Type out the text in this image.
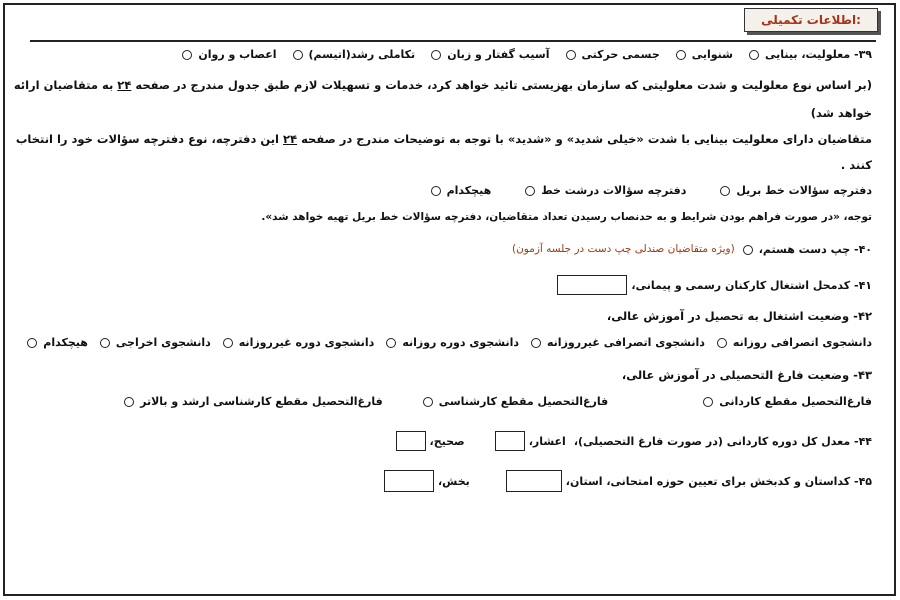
اطلاعات تکمیلی:
۳۹- معلولیت، بینایی
شنوایی
جسمی حرکتی
آسیب گفتار و زبان
تکاملی رشد(اتیسم)
اعصاب و روان
(بر اساس نوع معلولیت و شدت معلولیتی که سازمان بهزیستی تائید خواهد کرد، خدمات و تسهیلات لازم طبق جدول مندرج در صفحه ۲۴ به متقاضیان ارائه
خواهد شد)
متقاضیان دارای معلولیت بینایی با شدت «خیلی شدید» و «شدید» با توجه به توضیحات مندرج در صفحه ۲۴ این دفترچه، نوع دفترچه سؤالات خود را انتخاب
کنند .
دفترچه سؤالات خط بریل
دفترچه سؤالات درشت خط
هیچکدام
توجه، «در صورت فراهم بودن شرایط و به حدنصاب رسیدن تعداد متقاضیان، دفترچه سؤالات خط بریل تهیه خواهد شد».
۴۰- چپ دست هستم،
(ویژه متقاضیان صندلی چپ دست در جلسه آزمون)
۴۱- کدمحل اشتغال کارکنان رسمی و پیمانی،
۴۲- وضعیت اشتغال به تحصیل در آموزش عالی،
دانشجوی اتصرافی روزانه
دانشجوی اتصرافی غیرروزانه
دانشجوی دوره روزانه
دانشجوی دوره غیرروزانه
دانشجوی اخراجی
هیچکدام
۴۳- وضعیت فارغ التحصیلی در آموزش عالی،
فارغ‌التحصیل مقطع کاردانی
فارغ‌التحصیل مقطع کارشناسی
فارغ‌التحصیل مقطع کارشناسی ارشد و بالاتر
۴۴- معدل کل دوره کاردانی (در صورت فارغ التحصیلی)،
اعشار،
صحیح،
۴۵- کداستان و کدبخش برای تعیین حوزه امتحانی، استان،
بخش،
